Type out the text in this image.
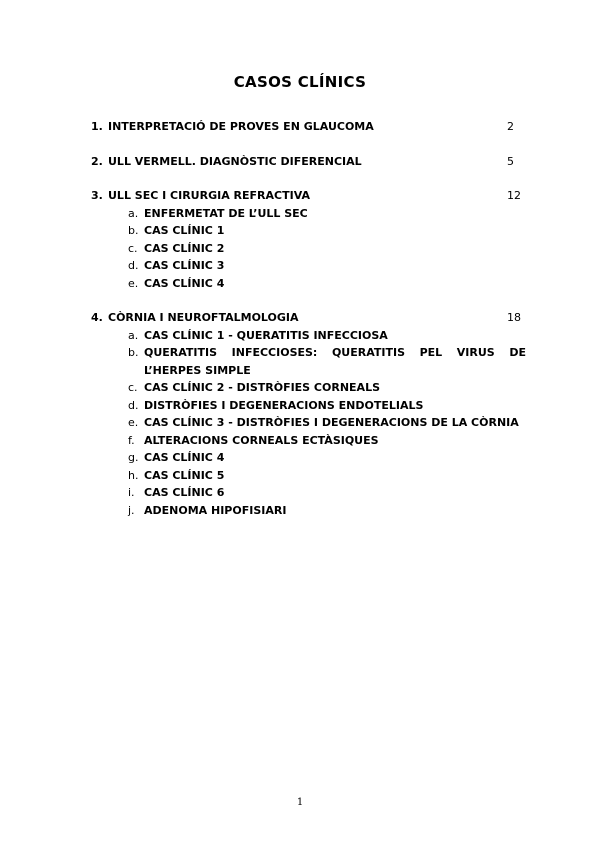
CASOS CLÍNICS
1. INTERPRETACIÓ DE PROVES EN GLAUCOMA	2
2. ULL VERMELL. DIAGNÒSTIC DIFERENCIAL	5
3. ULL SEC I CIRURGIA REFRACTIVA	12
a. ENFERMETAT DE L’ULL SEC
b. CAS CLÍNIC 1
c. CAS CLÍNIC 2
d. CAS CLÍNIC 3
e. CAS CLÍNIC 4
4. CÒRNIA I NEUROFTALMOLOGIA	18
a. CAS CLÍNIC 1 - QUERATITIS INFECCIOSA
b. QUERATITIS INFECCIOSES: QUERATITIS PEL VIRUS DE L’HERPES SIMPLE
c. CAS CLÍNIC 2 - DISTRÒFIES CORNEALS
d. DISTRÒFIES I DEGENERACIONS ENDOTELIALS
e. CAS CLÍNIC 3 - DISTRÒFIES I DEGENERACIONS DE LA CÒRNIA
f. ALTERACIONS CORNEALS ECTÀSIQUES
g. CAS CLÍNIC 4
h. CAS CLÍNIC 5
i. CAS CLÍNIC 6
j. ADENOMA HIPOFISIARI
1
